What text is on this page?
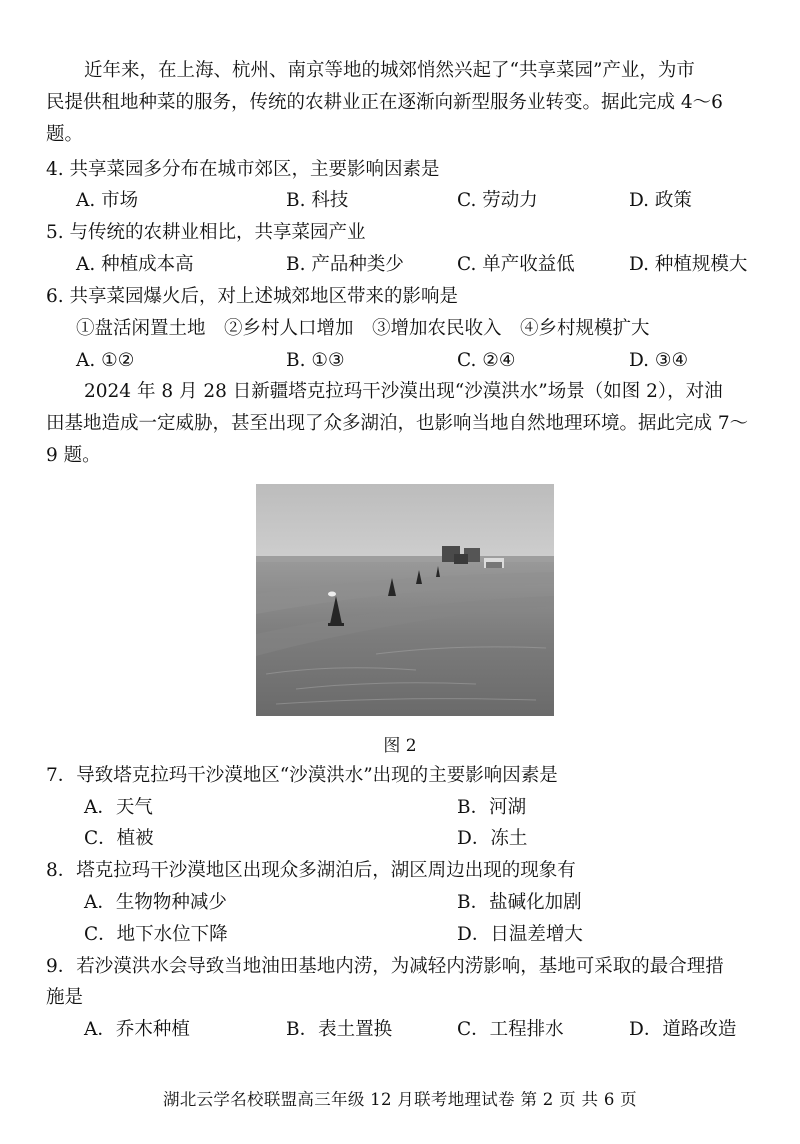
近年来，在上海、杭州、南京等地的城郊悄然兴起了“共享菜园”产业，为市
民提供租地种菜的服务，传统的农耕业正在逐渐向新型服务业转变。据此完成 4～6
题。
4. 共享菜园多分布在城市郊区，主要影响因素是
A. 市场	B. 科技	C. 劳动力	D. 政策
5. 与传统的农耕业相比，共享菜园产业
A. 种植成本高	B. 产品种类少	C. 单产收益低	D. 种植规模大
6. 共享菜园爆火后，对上述城郊地区带来的影响是
①盘活闲置土地　②乡村人口增加　③增加农民收入　④乡村规模扩大
A. ①②	B. ①③	C. ②④	D. ③④
2024 年 8 月 28 日新疆塔克拉玛干沙漠出现“沙漠洪水”场景（如图 2），对油
田基地造成一定威胁，甚至出现了众多湖泊，也影响当地自然地理环境。据此完成 7～
9 题。
图 2
7．导致塔克拉玛干沙漠地区“沙漠洪水”出现的主要影响因素是
A．天气	B．河湖
C．植被	D．冻土
8．塔克拉玛干沙漠地区出现众多湖泊后，湖区周边出现的现象有
A．生物物种减少	B．盐碱化加剧
C．地下水位下降	D．日温差增大
9．若沙漠洪水会导致当地油田基地内涝，为减轻内涝影响，基地可采取的最合理措
施是
A．乔木种植	B．表土置换	C．工程排水	D．道路改造
湖北云学名校联盟高三年级 12 月联考地理试卷 第 2 页 共 6 页
